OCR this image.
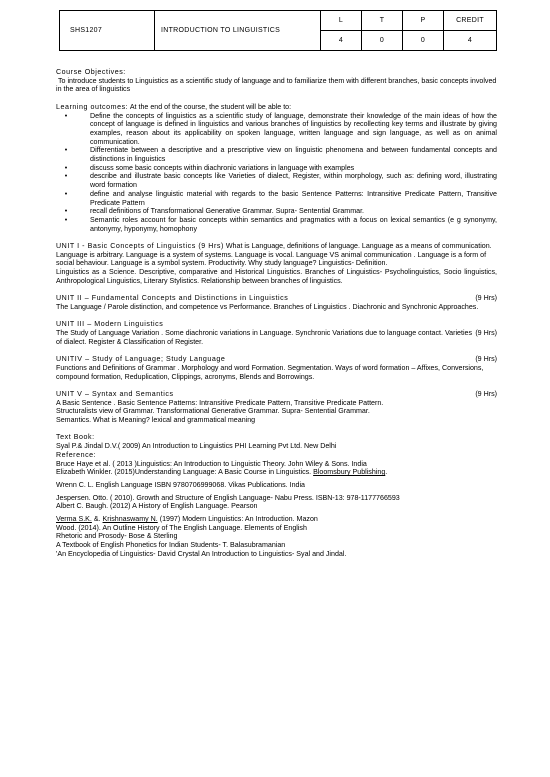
SHS1207	INTRODUCTION TO LINGUISTICS	L	T	P	CREDIT
		4	0	0	4

Course Objectives:

To introduce students to Linguistics as a scientific study of language and to familiarize them with different branches, basic concepts involved in the area of linguistics

Learning outcomes: At the end of the course, the student will be able to:

•	Define the concepts of linguistics as a scientific study of language, demonstrate their knowledge of the main ideas of how the concept of language is defined in linguistics and various branches of linguistics by recollecting key terms and illustrate by giving examples, reason about its applicability on spoken language, written language and sign language, as well as on animal communication.
•	Differentiate between a descriptive and a prescriptive view on linguistic phenomena and between fundamental concepts and distinctions in linguistics
•	discuss some basic concepts within diachronic variations in language with examples
•	describe and illustrate basic concepts like Varieties of dialect, Register, within morphology, such as: defining word, illustrating word formation
•	define and analyse linguistic material with regards to the basic Sentence Patterns: Intransitive Predicate Pattern, Transitive Predicate Pattern
•	recall definitions of Transformational Generative Grammar. Supra- Sentential Grammar.
•	Semantic roles account for basic concepts within semantics and pragmatics with a focus on lexical semantics (e g synonymy, antonymy, hyponymy, homophony

UNIT I - Basic Concepts of Linguistics (9 Hrs) What is Language, definitions of language. Language as a means of communication. Language is arbitrary. Language is a system of systems. Language is vocal. Language VS animal communication . Language is a form of social behaviour. Language is a symbol system. Productivity. Why study language? Linguistics- Definition.

Linguistics as a Science. Descriptive, comparative and Historical Linguistics. Branches of Linguistics- Psycholinguistics, Socio linguistics, Anthropological Linguistics, Literary Stylistics. Relationship between branches of linguistics.

UNIT II – Fundamental Concepts and Distinctions in Linguistics	(9 Hrs)

The Language / Parole distinction, and competence vs Performance. Branches of Linguistics . Diachronic and Synchronic Approaches.

UNIT III – Modern Linguistics

(9 Hrs)
The Study of Language Variation . Some diachronic variations in Language. Synchronic Variations due to language contact. Varieties of dialect. Register & Classification of Register.

UNITIV – Study of Language; Study Language	(9 Hrs)

Functions and Definitions of Grammar . Morphology and word Formation. Segmentation. Ways of word formation – Affixes, Conversions, compound formation, Reduplication, Clippings, acronyms, Blends and Borrowings.

UNIT V – Syntax and Semantics	(9 Hrs)

A Basic Sentence . Basic Sentence Patterns: Intransitive Predicate Pattern, Transitive Predicate Pattern.

Structuralists view of Grammar. Transformational Generative Grammar. Supra- Sentential Grammar.

Semantics. What is Meaning? lexical and grammatical meaning

Text Book:

Syal P.& Jindal D.V.( 2009) An Introduction to Linguistics PHI Learning Pvt Ltd. New Delhi

Reference:

Bruce Haye et al. ( 2013 )Linguistics: An Introduction to Linguistic Theory. John Wiley & Sons. India

Elizabeth Winkler. (2015)Understanding Language: A Basic Course in Linguistics. Bloomsbury Publishing.

Wrenn C. L. English Language ISBN 9780706999068. Vikas Publications. India

Jespersen. Otto. ( 2010). Growth and Structure of English Language- Nabu Press. ISBN-13: 978-1177766593

Albert C. Baugh. (2012) A History of English Language. Pearson

Verma S.K. &. Krishnaswamy N. (1997) Modern Linguistics: An Introduction. Mazon

Wood. (2014). An Outline History of The English Language. Elements of English

Rhetoric and Prosody- Bose & Sterling

A Textbook of English Phonetics for Indian Students- T. Balasubramanian

'An Encyclopedia of Linguistics- David Crystal An Introduction to Linguistics- Syal and Jindal.
